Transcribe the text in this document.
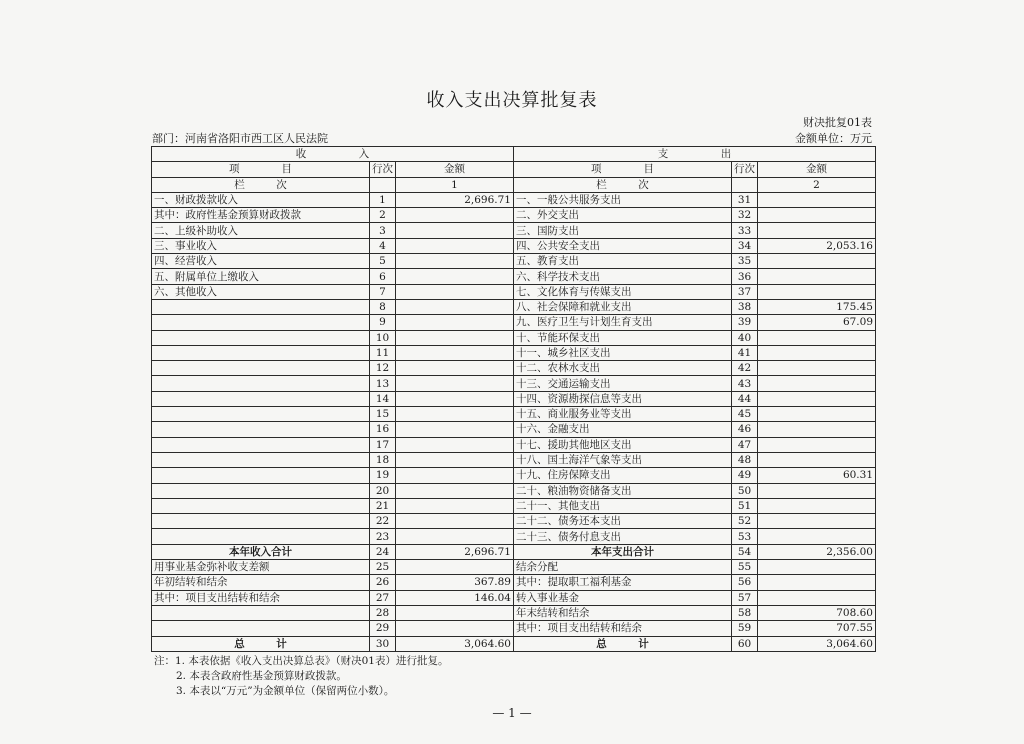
收入支出决算批复表
财决批复01表
部门：河南省洛阳市西工区人民法院	金额单位：万元
收　　　　　入			支　　　　　出		
项　　　　目	行次	金额	项　　　　目	行次	金额
栏　　　次		1	栏　　　次		2
一、财政拨款收入	1	2,696.71	一、一般公共服务支出	31	
其中：政府性基金预算财政拨款	2		二、外交支出	32	
二、上级补助收入	3		三、国防支出	33	
三、事业收入	4		四、公共安全支出	34	2,053.16
四、经营收入	5		五、教育支出	35	
五、附属单位上缴收入	6		六、科学技术支出	36	
六、其他收入	7		七、文化体育与传媒支出	37	
	8		八、社会保障和就业支出	38	175.45
	9		九、医疗卫生与计划生育支出	39	67.09
	10		十、节能环保支出	40	
	11		十一、城乡社区支出	41	
	12		十二、农林水支出	42	
	13		十三、交通运输支出	43	
	14		十四、资源勘探信息等支出	44	
	15		十五、商业服务业等支出	45	
	16		十六、金融支出	46	
	17		十七、援助其他地区支出	47	
	18		十八、国土海洋气象等支出	48	
	19		十九、住房保障支出	49	60.31
	20		二十、粮油物资储备支出	50	
	21		二十一、其他支出	51	
	22		二十二、债务还本支出	52	
	23		二十三、债务付息支出	53	
本年收入合计	24	2,696.71	本年支出合计	54	2,356.00
用事业基金弥补收支差额	25		结余分配	55	
年初结转和结余	26	367.89	其中：提取职工福利基金	56	
其中：项目支出结转和结余	27	146.04	转入事业基金	57	
	28		年末结转和结余	58	708.60
	29		其中：项目支出结转和结余	59	707.55
总　　　计	30	3,064.60	总　　　计	60	3,064.60
注：1. 本表依据《收入支出决算总表》（财决01表）进行批复。
2. 本表含政府性基金预算财政拨款。
3. 本表以“万元”为金额单位（保留两位小数）。
— 1 —
